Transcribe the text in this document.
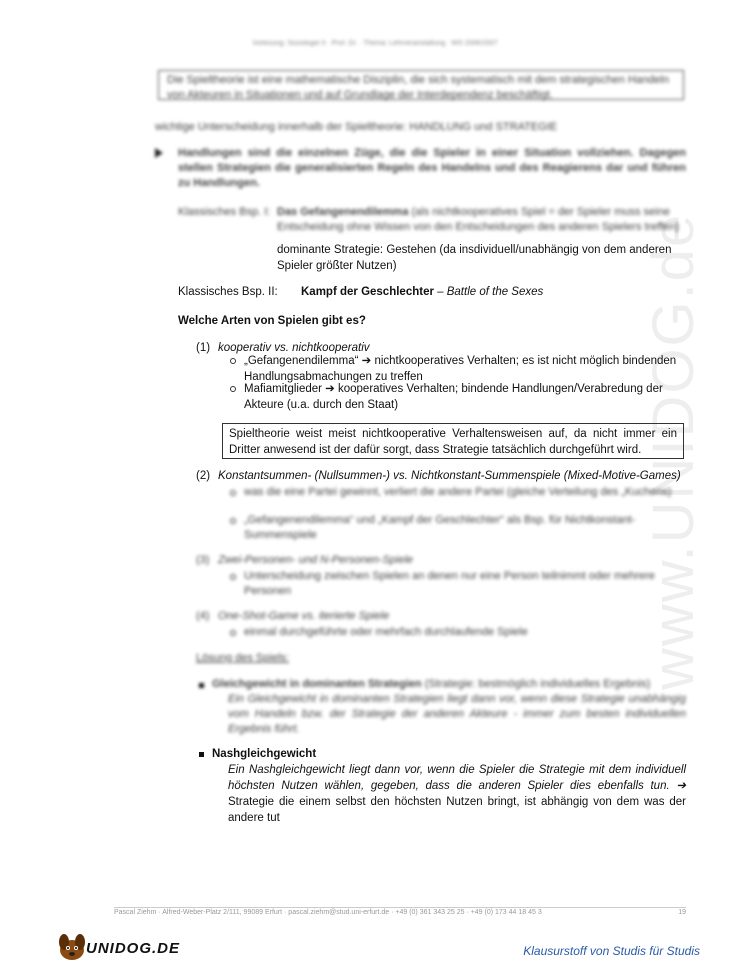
www.UNIDOG.de
Vorlesung: Soziologie II · Prof. Dr. · Thema: Lehrveranstaltung · WS 2006/2007
Die Spieltheorie ist eine mathematische Disziplin, die sich systematisch mit dem strategischen Handeln von Akteuren in Situationen und auf Grundlage der Interdependenz beschäftigt.
wichtige Unterscheidung innerhalb der Spieltheorie: HANDLUNG und STRATEGIE
Handlungen sind die einzelnen Züge, die die Spieler in einer Situation vollziehen. Dagegen stellen Strategien die generalisierten Regeln des Handelns und des Reagierens dar und führen zu Handlungen.
Klassisches Bsp. I: Das Gefangenendilemma (als nichtkooperatives Spiel = der Spieler muss seine Entscheidung ohne Wissen von den Entscheidungen des anderen Spielers treffen)
dominante Strategie: Gestehen (da insdividuell/unabhängig von dem anderen Spieler größter Nutzen)
Klassisches Bsp. II: Kampf der Geschlechter – Battle of the Sexes
Welche Arten von Spielen gibt es?
(1) kooperativ vs. nichtkooperativ
„Gefangenendilemma“ ➔ nichtkooperatives Verhalten; es ist nicht möglich bindenden Handlungsabmachungen zu treffen
Mafiamitglieder ➔ kooperatives Verhalten; bindende Handlungen/Verabredung der Akteure (u.a. durch den Staat)
Spieltheorie weist meist nichtkooperative Verhaltensweisen auf, da nicht immer ein Dritter anwesend ist der dafür sorgt, dass Strategie tatsächlich durchgeführt wird.
(2) Konstantsummen- (Nullsummen-) vs. Nichtkonstant-Summenspiele (Mixed-Motive-Games)
was die eine Partei gewinnt, verliert die andere Partei (gleiche Verteilung des „Kuchens)
„Gefangenendilemma“ und „Kampf der Geschlechter“ als Bsp. für Nichtkonstant-Summenspiele
(3) Zwei-Personen- und N-Personen-Spiele
Unterscheidung zwischen Spielen an denen nur eine Person teilnimmt oder mehrere Personen
(4) One-Shot-Game vs. iterierte Spiele
einmal durchgeführte oder mehrfach durchlaufende Spiele
Lösung des Spiels:
Gleichgewicht in dominanten Strategien (Strategie: bestmöglich individuelles Ergebnis)
Ein Gleichgewicht in dominanten Strategien liegt dann vor, wenn diese Strategie unabhängig vom Handeln bzw. der Strategie der anderen Akteure - immer zum besten individuellen Ergebnis führt.
Nashgleichgewicht
Ein Nashgleichgewicht liegt dann vor, wenn die Spieler die Strategie mit dem individuell höchsten Nutzen wählen, gegeben, dass die anderen Spieler dies ebenfalls tun. ➔ Strategie die einem selbst den höchsten Nutzen bringt, ist abhängig von dem was der andere tut
Pascal Ziehm · Alfred-Weber-Platz 2/111, 99089 Erfurt · pascal.ziehm@stud.uni-erfurt.de · +49 (0) 361 343 25 25 · +49 (0) 173 44 18 45 3	19
UNIDOG.DE	Klausurstoff von Studis für Studis
